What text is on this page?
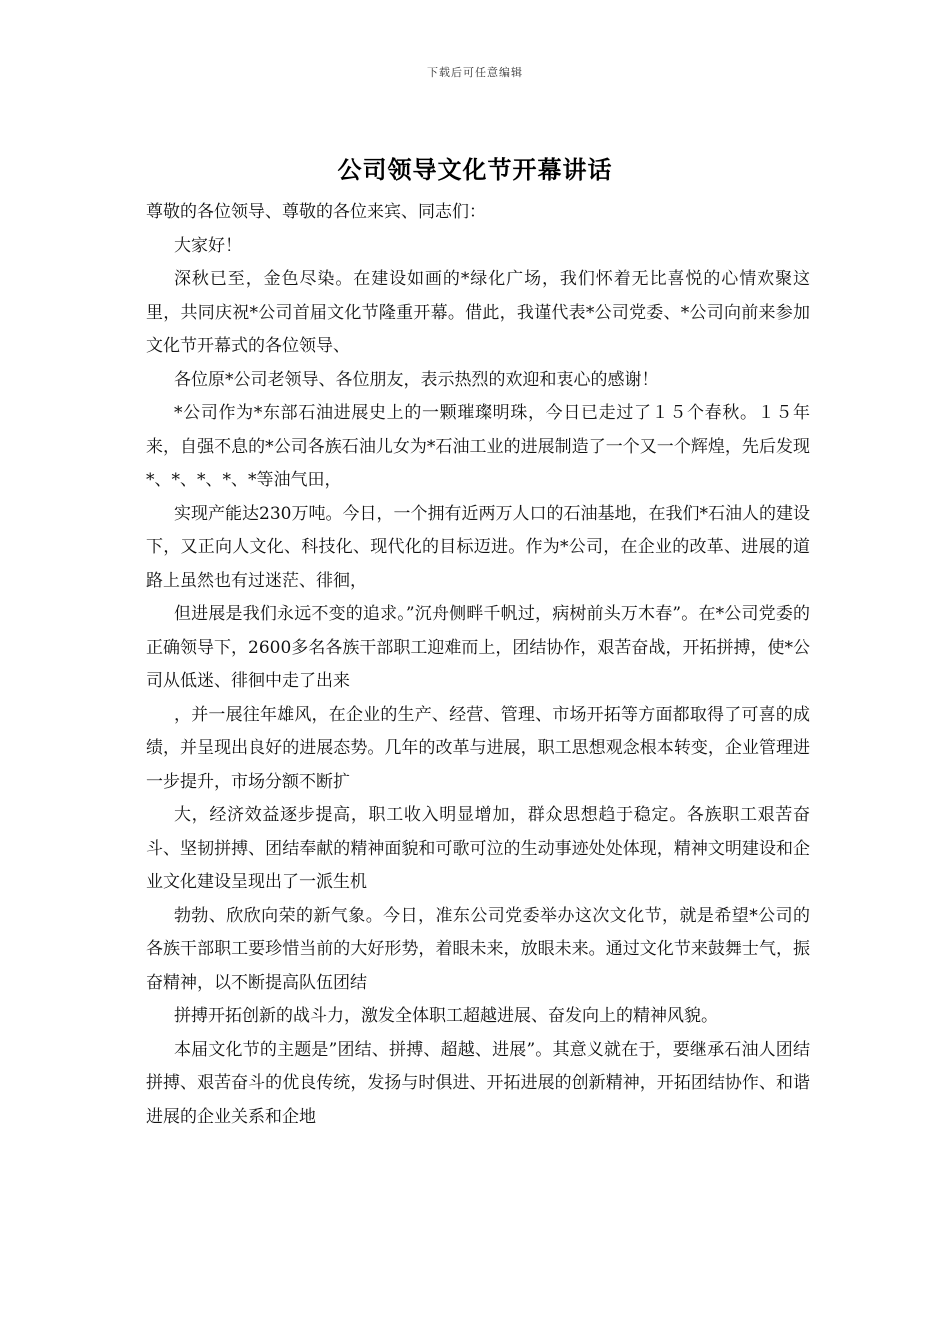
下载后可任意编辑
公司领导文化节开幕讲话

尊敬的各位领导、尊敬的各位来宾、同志们：

大家好！

深秋已至，金色尽染。在建设如画的*绿化广场，我们怀着无比喜悦的心情欢聚这里，共同庆祝*公司首届文化节隆重开幕。借此，我谨代表*公司党委、*公司向前来参加文化节开幕式的各位领导、

各位原*公司老领导、各位朋友，表示热烈的欢迎和衷心的感谢！

*公司作为*东部石油进展史上的一颗璀璨明珠，今日已走过了１５个春秋。１５年来，自强不息的*公司各族石油儿女为*石油工业的进展制造了一个又一个辉煌，先后发现*、*、*、*、*等油气田，

实现产能达230万吨。今日，一个拥有近两万人口的石油基地，在我们*石油人的建设下，又正向人文化、科技化、现代化的目标迈进。作为*公司，在企业的改革、进展的道路上虽然也有过迷茫、徘徊，

但进展是我们永远不变的追求。”沉舟侧畔千帆过，病树前头万木春”。在*公司党委的正确领导下，2600多名各族干部职工迎难而上，团结协作，艰苦奋战，开拓拼搏，使*公司从低迷、徘徊中走了出来

，并一展往年雄风，在企业的生产、经营、管理、市场开拓等方面都取得了可喜的成绩，并呈现出良好的进展态势。几年的改革与进展，职工思想观念根本转变，企业管理进一步提升，市场分额不断扩

大，经济效益逐步提高，职工收入明显增加，群众思想趋于稳定。各族职工艰苦奋斗、坚韧拼搏、团结奉献的精神面貌和可歌可泣的生动事迹处处体现，精神文明建设和企业文化建设呈现出了一派生机

勃勃、欣欣向荣的新气象。今日，准东公司党委举办这次文化节，就是希望*公司的各族干部职工要珍惜当前的大好形势，着眼未来，放眼未来。通过文化节来鼓舞士气，振奋精神，以不断提高队伍团结

拼搏开拓创新的战斗力，激发全体职工超越进展、奋发向上的精神风貌。

本届文化节的主题是”团结、拼搏、超越、进展”。其意义就在于，要继承石油人团结拼搏、艰苦奋斗的优良传统，发扬与时俱进、开拓进展的创新精神，开拓团结协作、和谐进展的企业关系和企地
